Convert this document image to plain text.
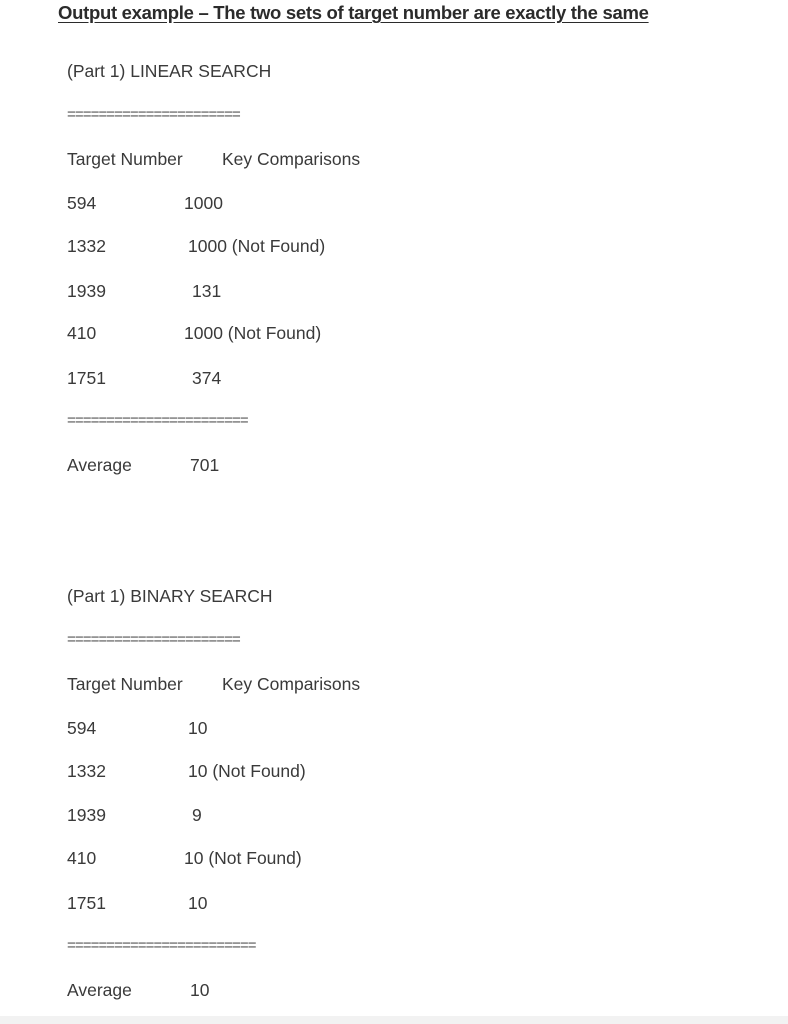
Output example – The two sets of target number are exactly the same
(Part 1) LINEAR SEARCH
======================
Target Number Key Comparisons
594	1000
1332	1000 (Not Found)
1939	131
410	1000 (Not Found)
1751	374
=======================
Average	701
(Part 1) BINARY SEARCH
======================
Target Number Key Comparisons
594	10
1332	10 (Not Found)
1939	9
410	10 (Not Found)
1751	10
========================
Average	10
